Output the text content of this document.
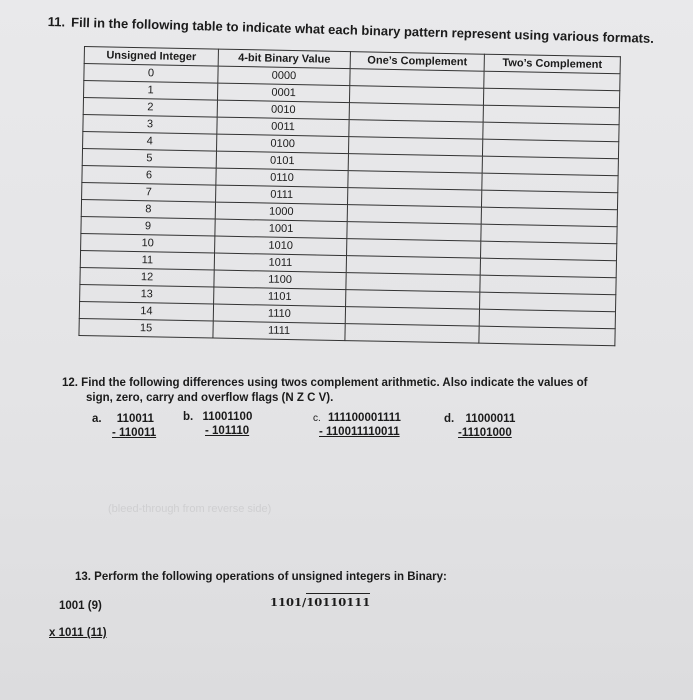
11. Fill in the following table to indicate what each binary pattern represent using various formats.
Unsigned Integer	4-bit Binary Value	One’s Complement	Two’s Complement
0	0000		
1	0001		
2	0010		
3	0011		
4	0100		
5	0101		
6	0110		
7	0111		
8	1000		
9	1001		
10	1010		
11	1011		
12	1100		
13	1101		
14	1110		
15	1111		
12. Find the following differences using twos complement arithmetic. Also indicate the values of
sign, zero, carry and overflow flags (N Z C V).
a. 110011
- 110011
b. 11001100
- 101110
c. 111100001111
- 110011110011
d. 11000011
-11101000
(bleed-through from reverse side)
13. Perform the following operations of unsigned integers in Binary:
1001 (9)
x 1011 (11)
1101/10110111
